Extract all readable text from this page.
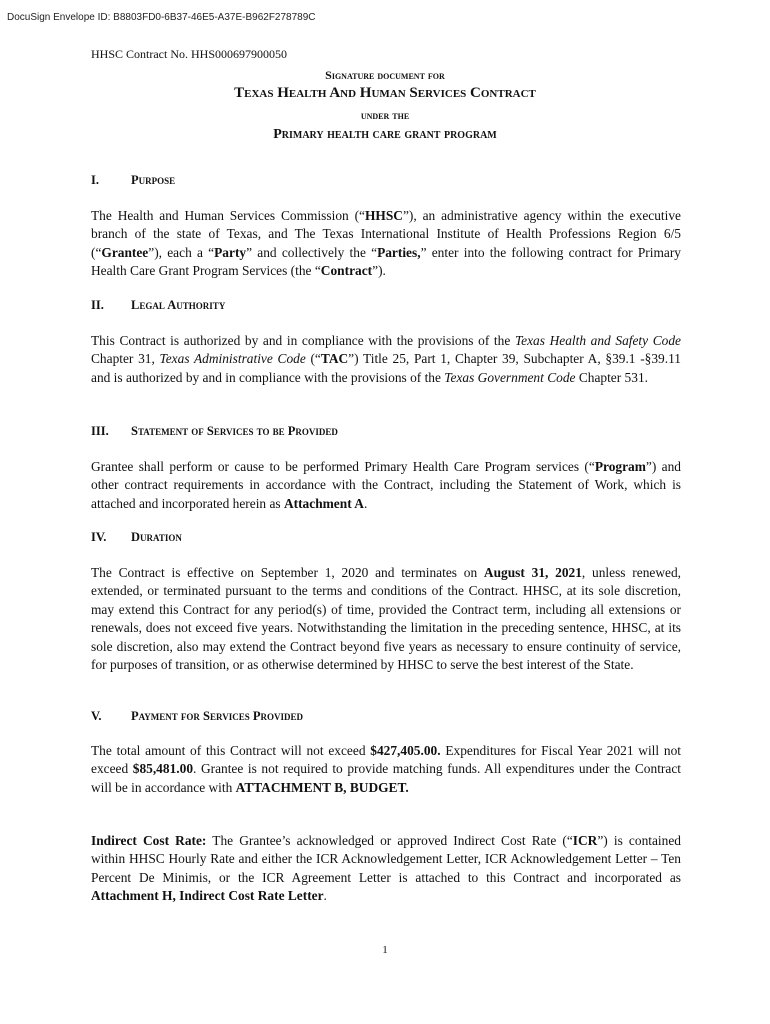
DocuSign Envelope ID: B8803FD0-6B37-46E5-A37E-B962F278789C
HHSC Contract No. HHS000697900050
Signature document for
Texas Health And Human Services Contract
under the
Primary health care grant program
I.	Purpose
The Health and Human Services Commission (“HHSC”), an administrative agency within the executive branch of the state of Texas, and The Texas International Institute of Health Professions Region 6/5 (“Grantee”), each a “Party” and collectively the “Parties,” enter into the following contract for Primary Health Care Grant Program Services (the “Contract”).
II. Legal Authority
This Contract is authorized by and in compliance with the provisions of the Texas Health and Safety Code Chapter 31, Texas Administrative Code (“TAC”) Title 25, Part 1, Chapter 39, Subchapter A, §39.1 -§39.11 and is authorized by and in compliance with the provisions of the Texas Government Code Chapter 531.
III. Statement of Services to be Provided
Grantee shall perform or cause to be performed Primary Health Care Program services (“Program”) and other contract requirements in accordance with the Contract, including the Statement of Work, which is attached and incorporated herein as Attachment A.
IV. Duration
The Contract is effective on September 1, 2020 and terminates on August 31, 2021, unless renewed, extended, or terminated pursuant to the terms and conditions of the Contract. HHSC, at its sole discretion, may extend this Contract for any period(s) of time, provided the Contract term, including all extensions or renewals, does not exceed five years. Notwithstanding the limitation in the preceding sentence, HHSC, at its sole discretion, also may extend the Contract beyond five years as necessary to ensure continuity of service, for purposes of transition, or as otherwise determined by HHSC to serve the best interest of the State.
V. Payment for Services Provided
The total amount of this Contract will not exceed $427,405.00. Expenditures for Fiscal Year 2021 will not exceed $85,481.00. Grantee is not required to provide matching funds. All expenditures under the Contract will be in accordance with ATTACHMENT B, BUDGET.
Indirect Cost Rate: The Grantee’s acknowledged or approved Indirect Cost Rate (“ICR”) is contained within HHSC Hourly Rate and either the ICR Acknowledgement Letter, ICR Acknowledgement Letter – Ten Percent De Minimis, or the ICR Agreement Letter is attached to this Contract and incorporated as Attachment H, Indirect Cost Rate Letter.
1
